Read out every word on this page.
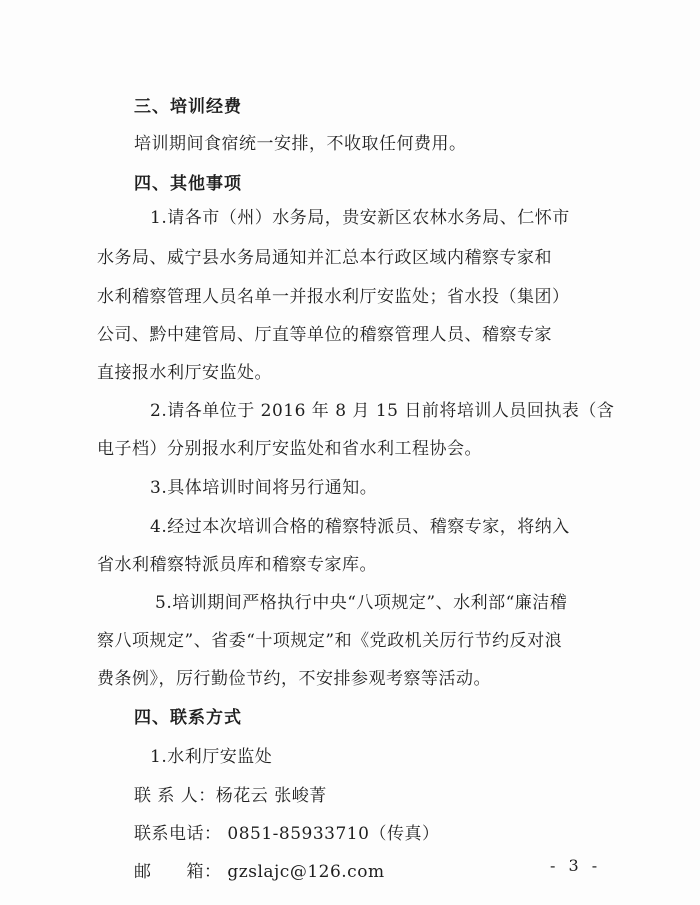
三、培训经费
培训期间食宿统一安排，不收取任何费用。
四、其他事项
1.请各市（州）水务局，贵安新区农林水务局、仁怀市
水务局、威宁县水务局通知并汇总本行政区域内稽察专家和
水利稽察管理人员名单一并报水利厅安监处；省水投（集团）
公司、黔中建管局、厅直等单位的稽察管理人员、稽察专家
直接报水利厅安监处。
2.请各单位于 2016 年 8 月 15 日前将培训人员回执表（含
电子档）分别报水利厅安监处和省水利工程协会。
3.具体培训时间将另行通知。
4.经过本次培训合格的稽察特派员、稽察专家，将纳入
省水利稽察特派员库和稽察专家库。
5.培训期间严格执行中央“八项规定”、水利部“廉洁稽
察八项规定”、省委“十项规定”和《党政机关厉行节约反对浪
费条例》，厉行勤俭节约，不安排参观考察等活动。
四、联系方式
1.水利厅安监处
联 系 人：杨花云 张峻菁
联系电话： 0851-85933710（传真）
邮　　箱： gzslajc@126.com	- 3 -
